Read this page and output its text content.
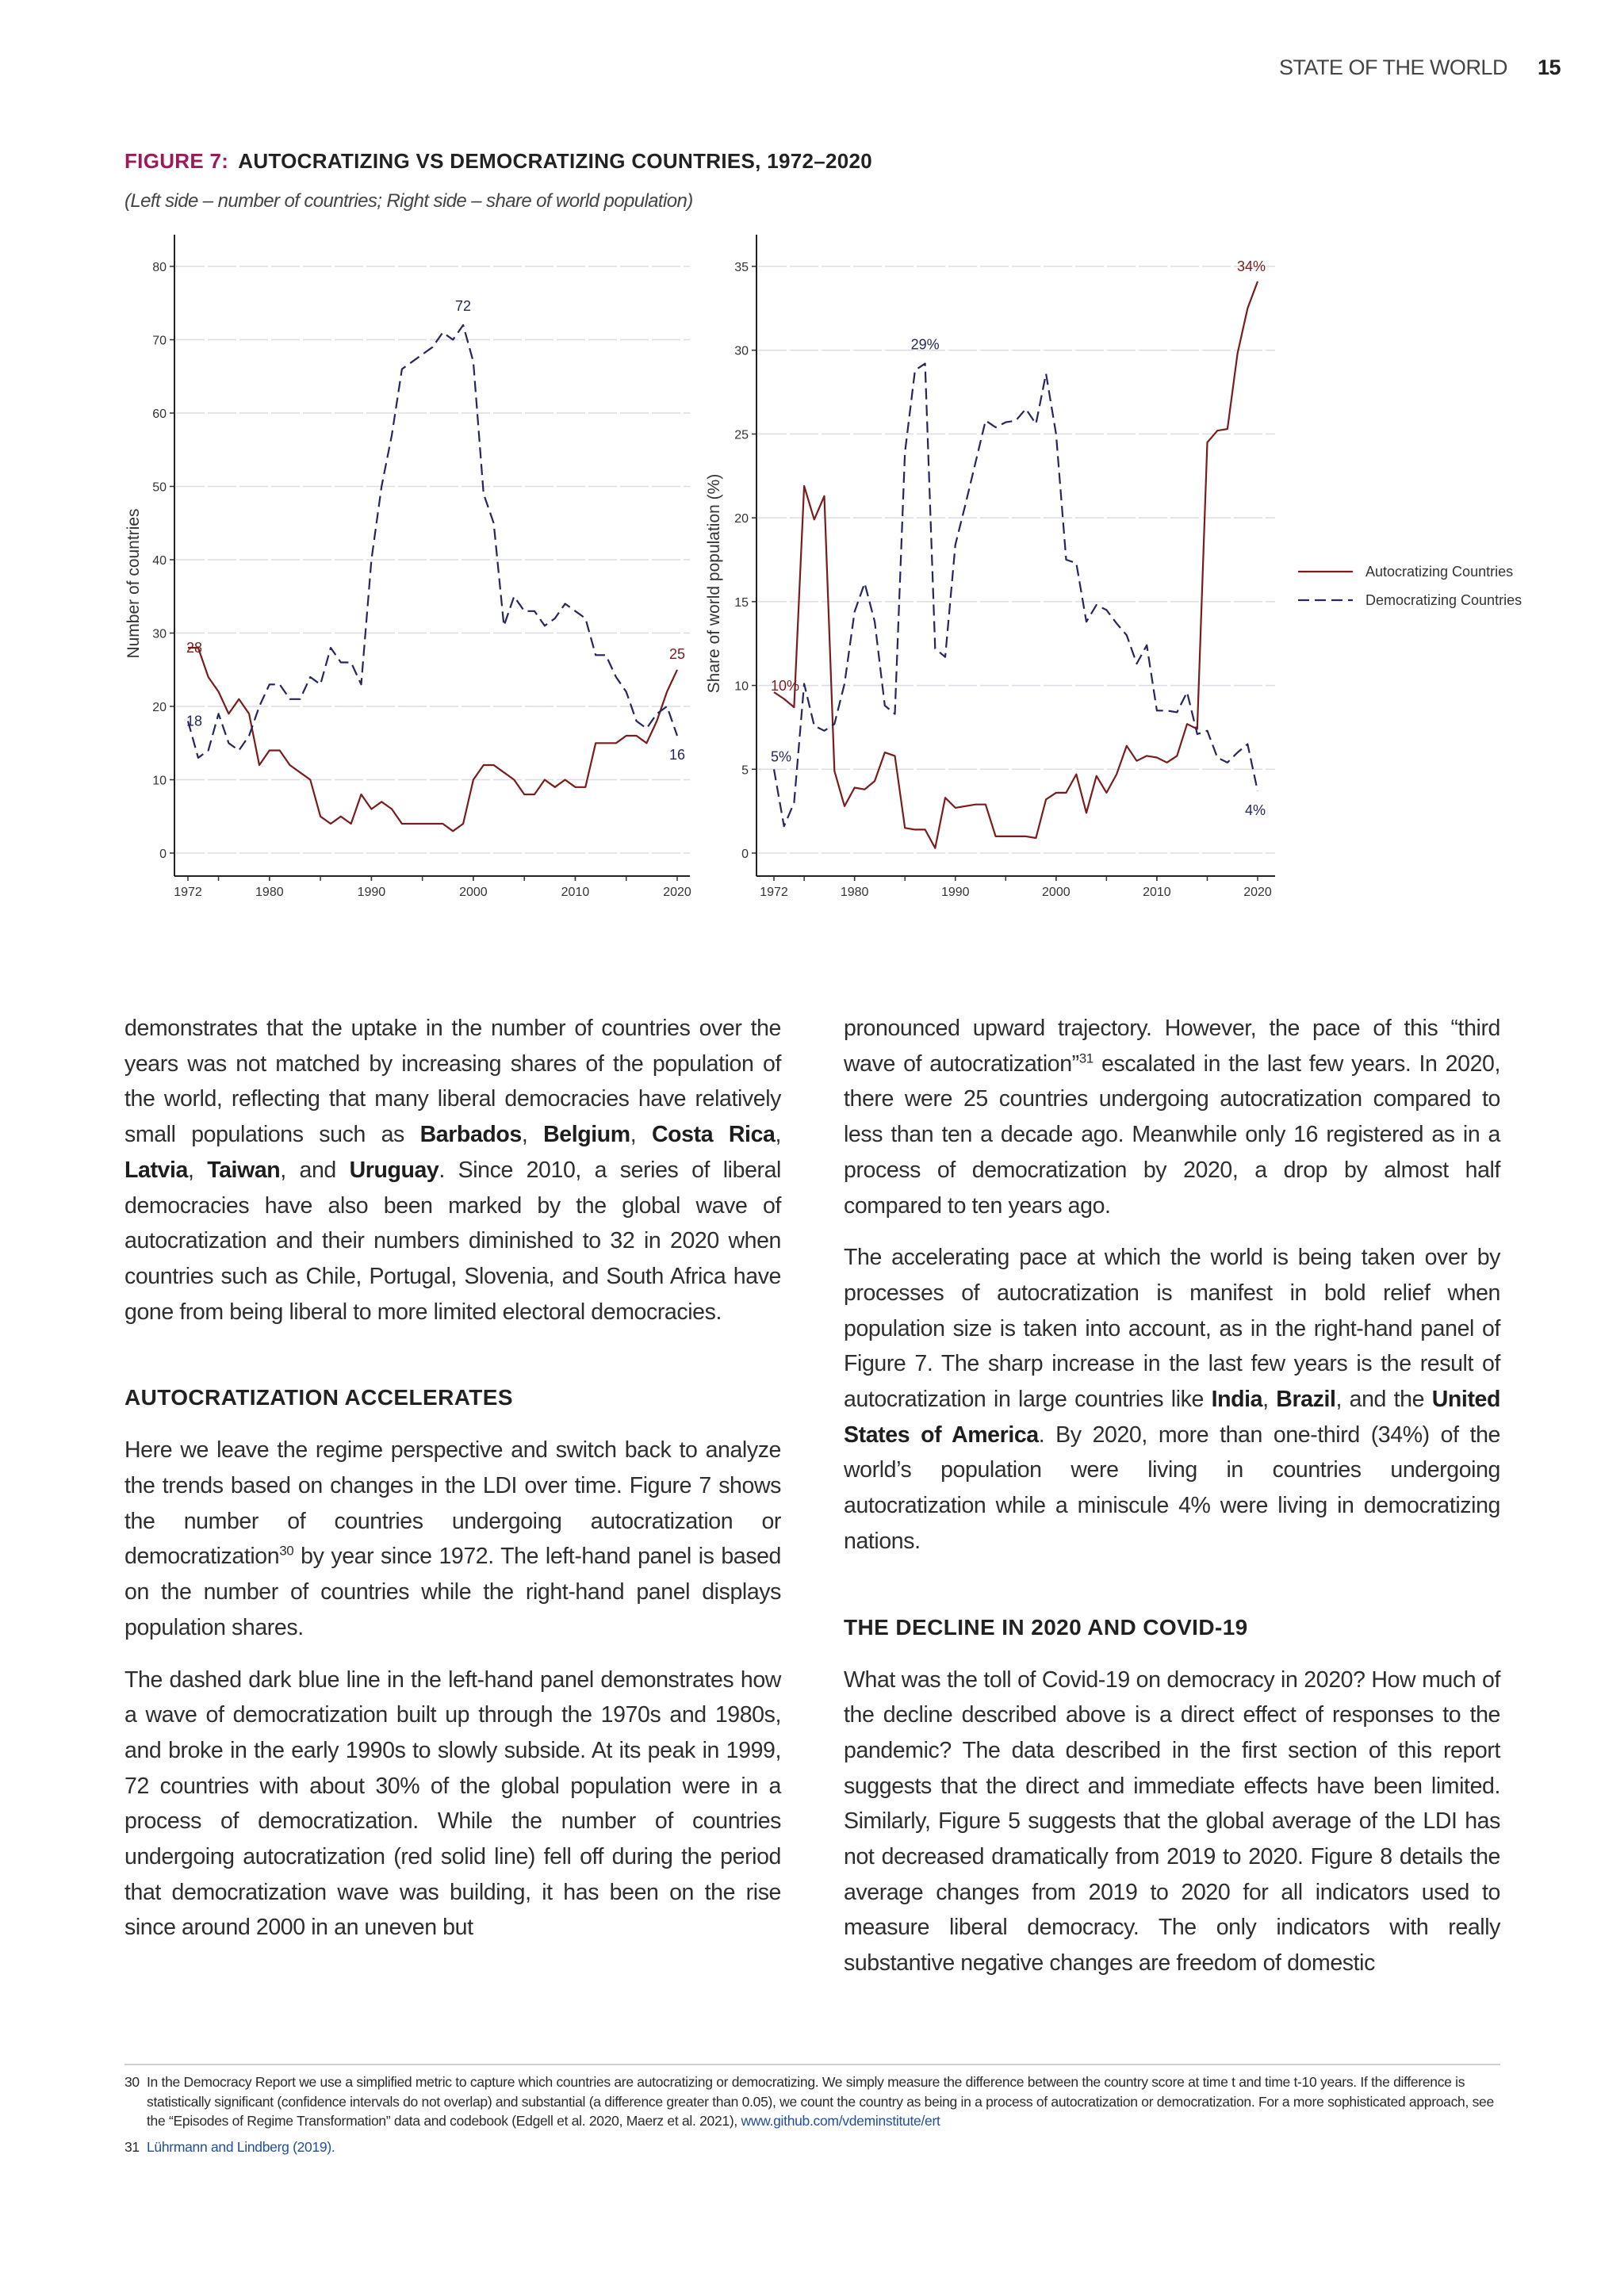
STATE OF THE WORLD 15
FIGURE 7: AUTOCRATIZING VS DEMOCRATIZING COUNTRIES, 1972–2020
(Left side – number of countries; Right side – share of world population)
0
10
20
30
40
50
60
70
80
1972	1980	1990	2000	2010	2020
Number of countries	28
18
72
25
16
0
5
10
15
20
25
30
35
1972	1980	1990	2000	2010	2020
Share of world population (%)	10%
5%
29%
34%
4%
Autocratizing Countries
Democratizing Countries

demonstrates that the uptake in the number of countries over the years was not matched by increasing shares of the population of the world, reflecting that many liberal democracies have relatively small populations such as Barbados, Belgium, Costa Rica, Latvia, Taiwan, and Uruguay. Since 2010, a series of liberal democracies have also been marked by the global wave of autocratization and their numbers diminished to 32 in 2020 when countries such as Chile, Portugal, Slovenia, and South Africa have gone from being liberal to more limited electoral democracies.

AUTOCRATIZATION ACCELERATES

Here we leave the regime perspective and switch back to analyze the trends based on changes in the LDI over time. Figure 7 shows the number of countries undergoing autocratization or democratization$^{30}$ by year since 1972. The left-hand panel is based on the number of countries while the right-hand panel displays population shares.

The dashed dark blue line in the left-hand panel demonstrates how a wave of democratization built up through the 1970s and 1980s, and broke in the early 1990s to slowly subside. At its peak in 1999, 72 countries with about 30% of the global population were in a process of democratization. While the number of countries undergoing autocratization (red solid line) fell off during the period that democratization wave was building, it has been on the rise since around 2000 in an uneven but

pronounced upward trajectory. However, the pace of this “third wave of autocratization”$^{31}$ escalated in the last few years. In 2020, there were 25 countries undergoing autocratization compared to less than ten a decade ago. Meanwhile only 16 registered as in a process of democratization by 2020, a drop by almost half compared to ten years ago.

The accelerating pace at which the world is being taken over by processes of autocratization is manifest in bold relief when population size is taken into account, as in the right-hand panel of Figure 7. The sharp increase in the last few years is the result of autocratization in large countries like India, Brazil, and the United States of America. By 2020, more than one-third (34%) of the world’s population were living in countries undergoing autocratization while a miniscule 4% were living in democratizing nations.

THE DECLINE IN 2020 AND COVID-19

What was the toll of Covid-19 on democracy in 2020? How much of the decline described above is a direct effect of responses to the pandemic? The data described in the first section of this report suggests that the direct and immediate effects have been limited. Similarly, Figure 5 suggests that the global average of the LDI has not decreased dramatically from 2019 to 2020. Figure 8 details the average changes from 2019 to 2020 for all indicators used to measure liberal democracy. The only indicators with really substantive negative changes are freedom of domestic

30 In the Democracy Report we use a simplified metric to capture which countries are autocratizing or democratizing. We simply measure the difference between the country score at time t and time t-10 years. If the difference is statistically significant (confidence intervals do not overlap) and substantial (a difference greater than 0.05), we count the country as being in a process of autocratization or democratization. For a more sophisticated approach, see the “Episodes of Regime Transformation” data and codebook (Edgell et al. 2020, Maerz et al. 2021), www.github.com/vdeminstitute/ert
31 Lührmann and Lindberg (2019).
